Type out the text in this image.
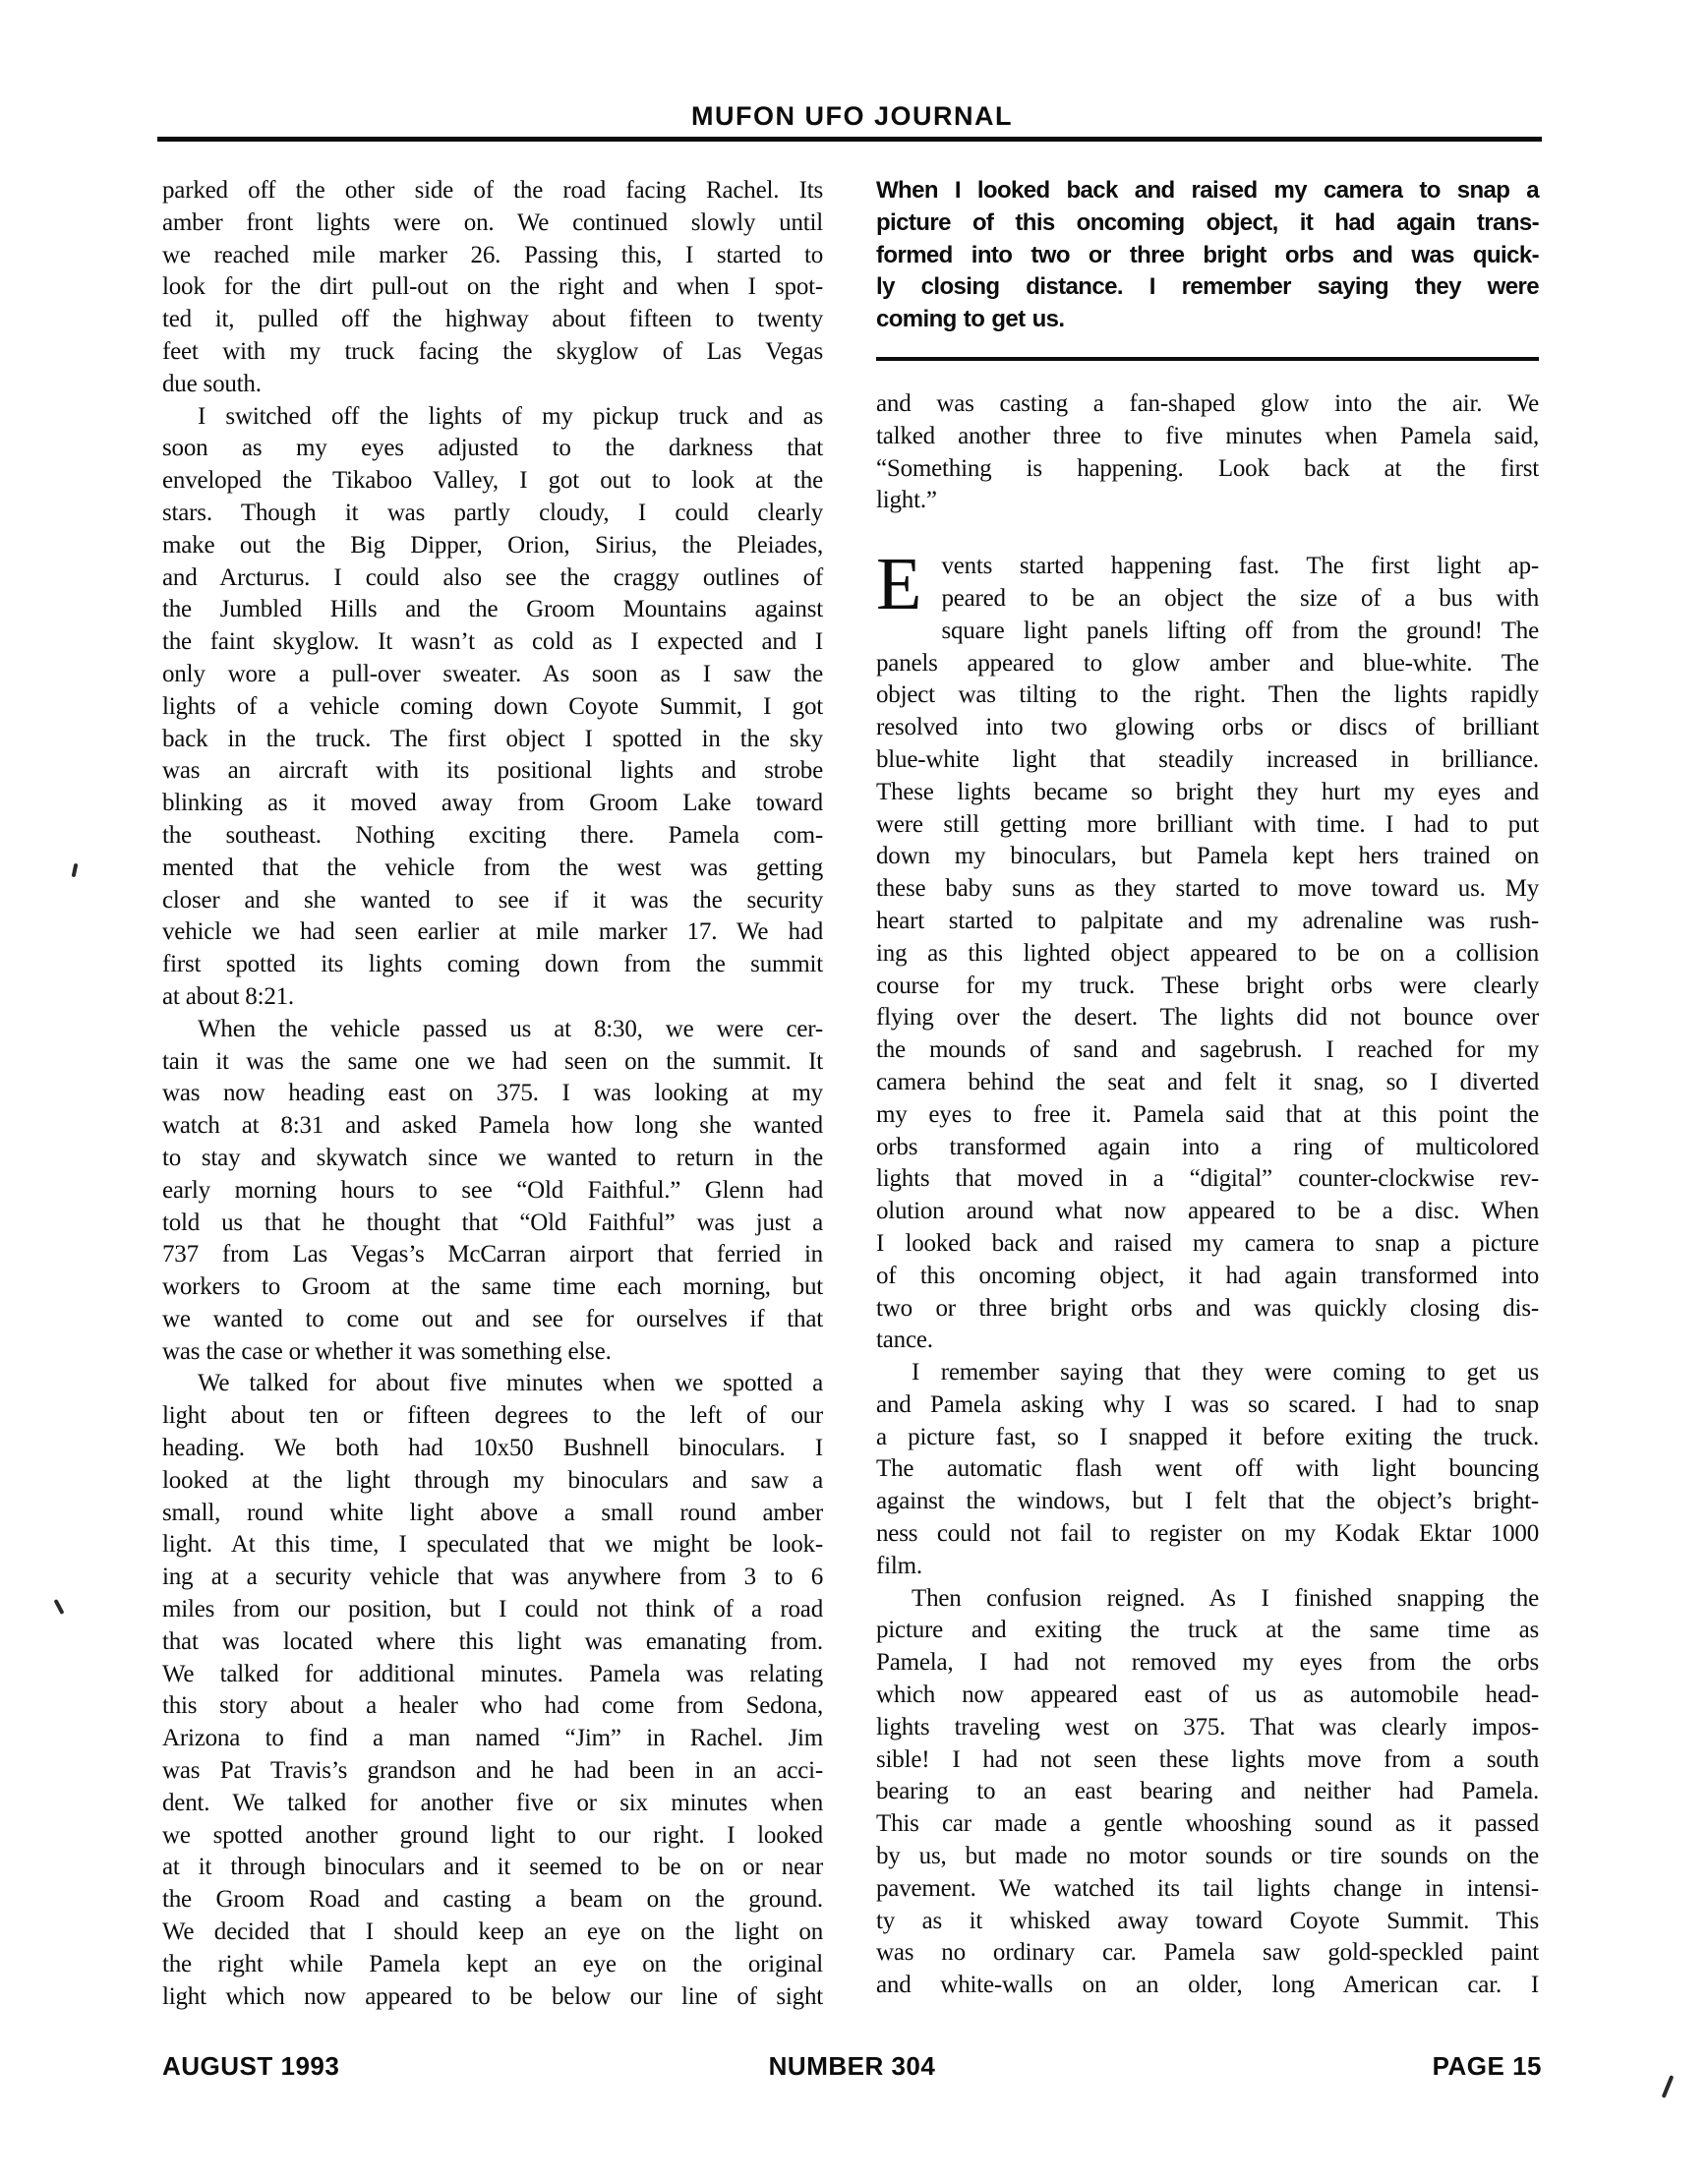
MUFON UFO JOURNAL
parked off the other side of the road facing Rachel. Its
amber front lights were on. We continued slowly until
we reached mile marker 26. Passing this, I started to
look for the dirt pull-out on the right and when I spot-
ted it, pulled off the highway about fifteen to twenty
feet with my truck facing the skyglow of Las Vegas
due south.
I switched off the lights of my pickup truck and as
soon as my eyes adjusted to the darkness that
enveloped the Tikaboo Valley, I got out to look at the
stars. Though it was partly cloudy, I could clearly
make out the Big Dipper, Orion, Sirius, the Pleiades,
and Arcturus. I could also see the craggy outlines of
the Jumbled Hills and the Groom Mountains against
the faint skyglow. It wasn’t as cold as I expected and I
only wore a pull-over sweater. As soon as I saw the
lights of a vehicle coming down Coyote Summit, I got
back in the truck. The first object I spotted in the sky
was an aircraft with its positional lights and strobe
blinking as it moved away from Groom Lake toward
the southeast. Nothing exciting there. Pamela com-
mented that the vehicle from the west was getting
closer and she wanted to see if it was the security
vehicle we had seen earlier at mile marker 17. We had
first spotted its lights coming down from the summit
at about 8:21.
When the vehicle passed us at 8:30, we were cer-
tain it was the same one we had seen on the summit. It
was now heading east on 375. I was looking at my
watch at 8:31 and asked Pamela how long she wanted
to stay and skywatch since we wanted to return in the
early morning hours to see “Old Faithful.” Glenn had
told us that he thought that “Old Faithful” was just a
737 from Las Vegas’s McCarran airport that ferried in
workers to Groom at the same time each morning, but
we wanted to come out and see for ourselves if that
was the case or whether it was something else.
We talked for about five minutes when we spotted a
light about ten or fifteen degrees to the left of our
heading. We both had 10x50 Bushnell binoculars. I
looked at the light through my binoculars and saw a
small, round white light above a small round amber
light. At this time, I speculated that we might be look-
ing at a security vehicle that was anywhere from 3 to 6
miles from our position, but I could not think of a road
that was located where this light was emanating from.
We talked for additional minutes. Pamela was relating
this story about a healer who had come from Sedona,
Arizona to find a man named “Jim” in Rachel. Jim
was Pat Travis’s grandson and he had been in an acci-
dent. We talked for another five or six minutes when
we spotted another ground light to our right. I looked
at it through binoculars and it seemed to be on or near
the Groom Road and casting a beam on the ground.
We decided that I should keep an eye on the light on
the right while Pamela kept an eye on the original
light which now appeared to be below our line of sight
When I looked back and raised my camera to snap a
picture of this oncoming object, it had again trans-
formed into two or three bright orbs and was quick-
ly closing distance. I remember saying they were
coming to get us.
and was casting a fan-shaped glow into the air. We
talked another three to five minutes when Pamela said,
“Something is happening. Look back at the first
light.”
E vents started happening fast. The first light ap-
peared to be an object the size of a bus with
square light panels lifting off from the ground! The
panels appeared to glow amber and blue-white. The
object was tilting to the right. Then the lights rapidly
resolved into two glowing orbs or discs of brilliant
blue-white light that steadily increased in brilliance.
These lights became so bright they hurt my eyes and
were still getting more brilliant with time. I had to put
down my binoculars, but Pamela kept hers trained on
these baby suns as they started to move toward us. My
heart started to palpitate and my adrenaline was rush-
ing as this lighted object appeared to be on a collision
course for my truck. These bright orbs were clearly
flying over the desert. The lights did not bounce over
the mounds of sand and sagebrush. I reached for my
camera behind the seat and felt it snag, so I diverted
my eyes to free it. Pamela said that at this point the
orbs transformed again into a ring of multicolored
lights that moved in a “digital” counter-clockwise rev-
olution around what now appeared to be a disc. When
I looked back and raised my camera to snap a picture
of this oncoming object, it had again transformed into
two or three bright orbs and was quickly closing dis-
tance.
I remember saying that they were coming to get us
and Pamela asking why I was so scared. I had to snap
a picture fast, so I snapped it before exiting the truck.
The automatic flash went off with light bouncing
against the windows, but I felt that the object’s bright-
ness could not fail to register on my Kodak Ektar 1000
film.
Then confusion reigned. As I finished snapping the
picture and exiting the truck at the same time as
Pamela, I had not removed my eyes from the orbs
which now appeared east of us as automobile head-
lights traveling west on 375. That was clearly impos-
sible! I had not seen these lights move from a south
bearing to an east bearing and neither had Pamela.
This car made a gentle whooshing sound as it passed
by us, but made no motor sounds or tire sounds on the
pavement. We watched its tail lights change in intensi-
ty as it whisked away toward Coyote Summit. This
was no ordinary car. Pamela saw gold-speckled paint
and white-walls on an older, long American car. I
AUGUST 1993	NUMBER 304	PAGE 15
